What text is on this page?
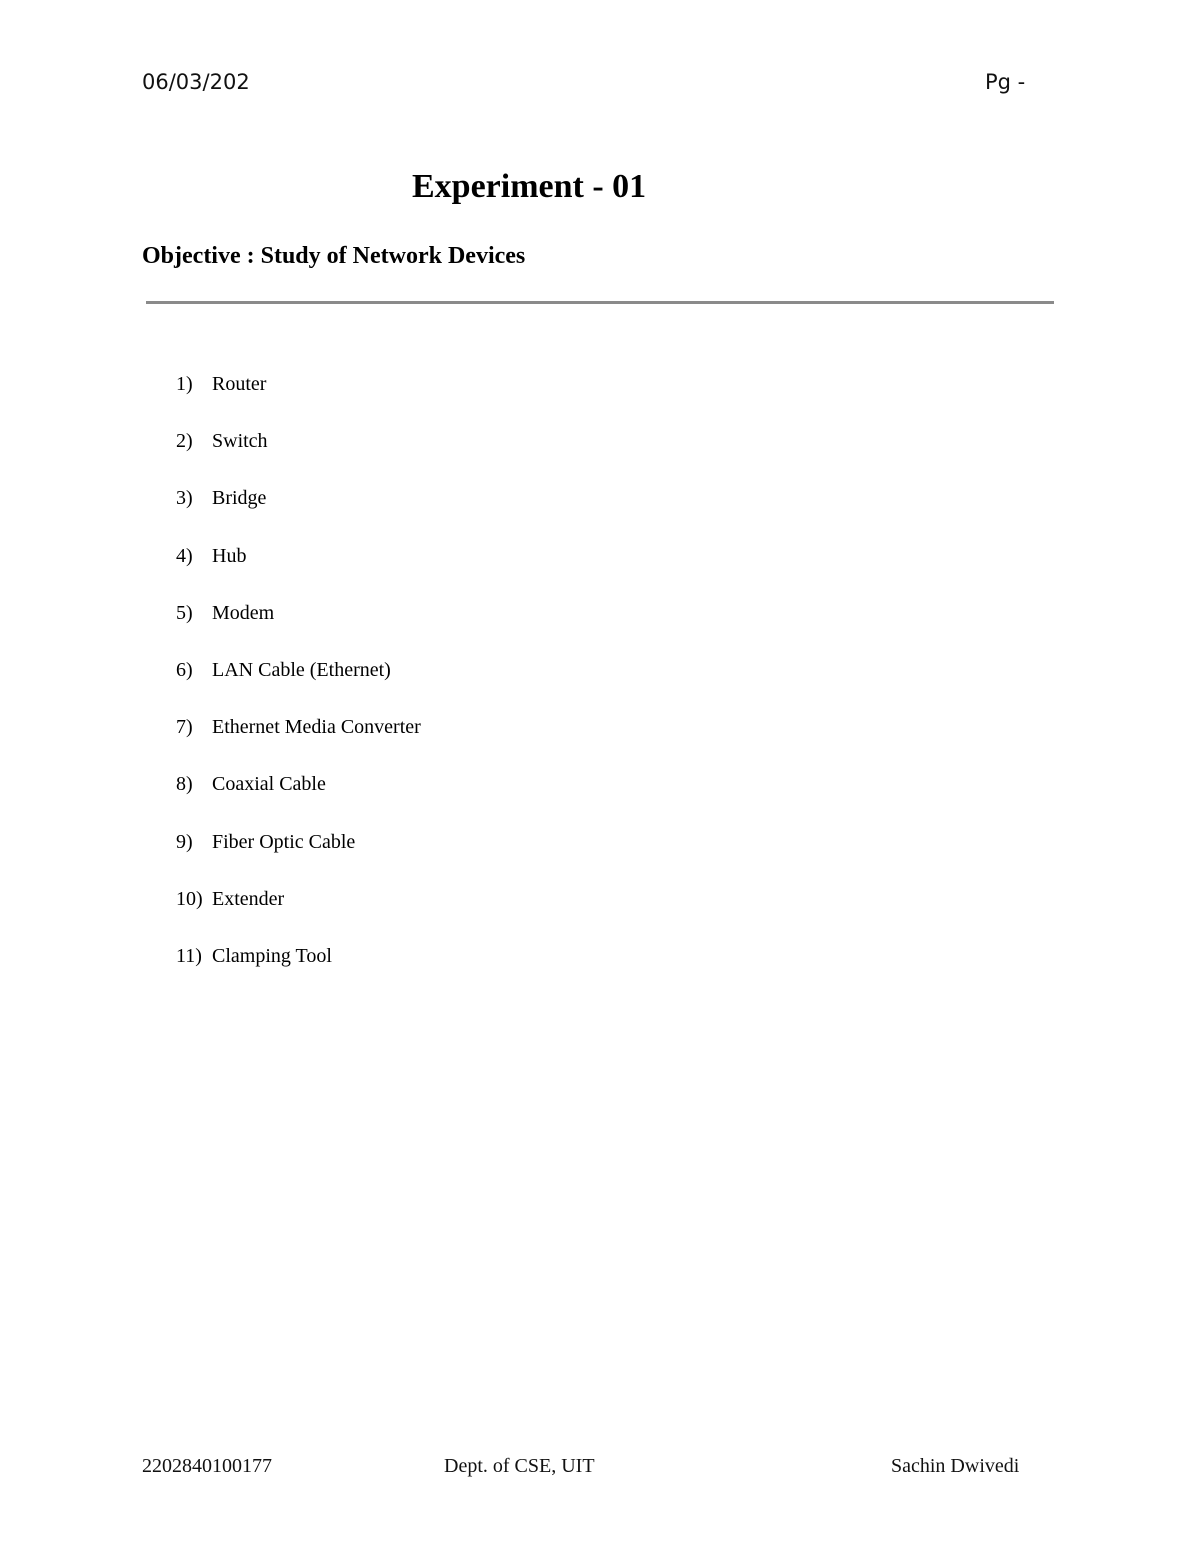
06/03/202	Pg -
Experiment - 01
Objective : Study of Network Devices
1) Router
2) Switch
3) Bridge
4) Hub
5) Modem
6) LAN Cable (Ethernet)
7) Ethernet Media Converter
8) Coaxial Cable
9) Fiber Optic Cable
10) Extender
11) Clamping Tool
2202840100177	Dept. of CSE, UIT	Sachin Dwivedi
